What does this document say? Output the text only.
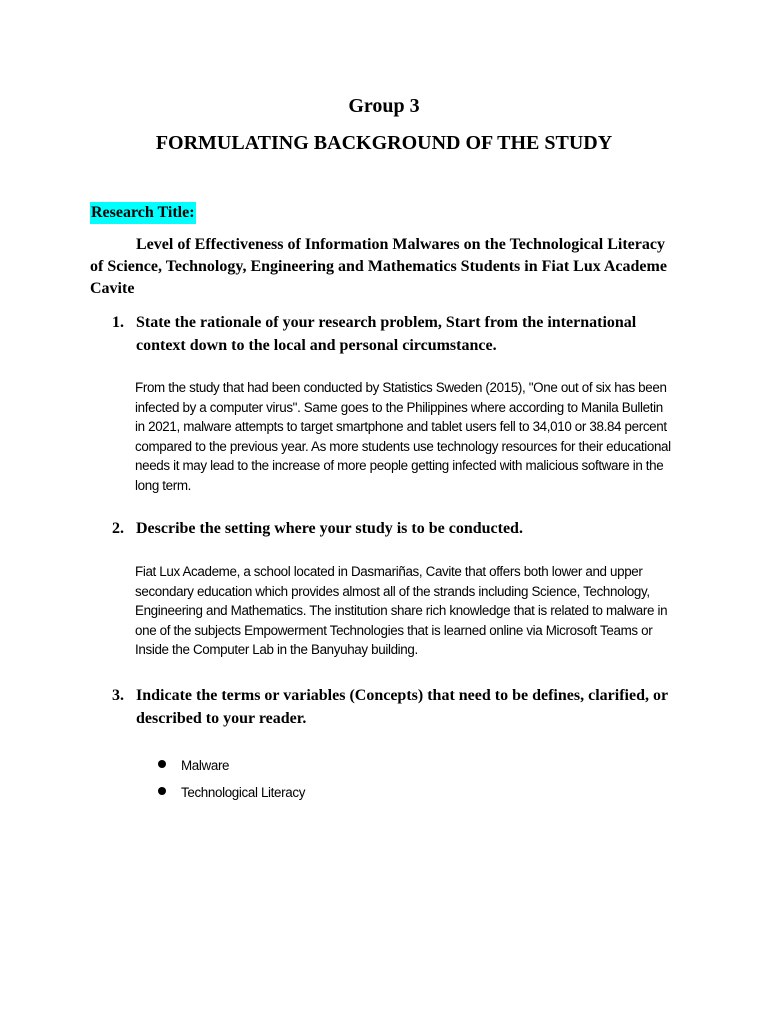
Group 3
FORMULATING BACKGROUND OF THE STUDY
Research Title:
Level of Effectiveness of Information Malwares on the Technological Literacy of Science, Technology, Engineering and Mathematics Students in Fiat Lux Academe Cavite
1. State the rationale of your research problem, Start from the international context down to the local and personal circumstance.
From the study that had been conducted by Statistics Sweden (2015), "One out of six has been infected by a computer virus". Same goes to the Philippines where according to Manila Bulletin in 2021, malware attempts to target smartphone and tablet users fell to 34,010 or 38.84 percent compared to the previous year. As more students use technology resources for their educational needs it may lead to the increase of more people getting infected with malicious software in the long term.
2. Describe the setting where your study is to be conducted.
Fiat Lux Academe, a school located in Dasmariñas, Cavite that offers both lower and upper secondary education which provides almost all of the strands including Science, Technology, Engineering and Mathematics. The institution share rich knowledge that is related to malware in one of the subjects Empowerment Technologies that is learned online via Microsoft Teams or Inside the Computer Lab in the Banyuhay building.
3. Indicate the terms or variables (Concepts) that need to be defines, clarified, or described to your reader.
Malware
Technological Literacy
